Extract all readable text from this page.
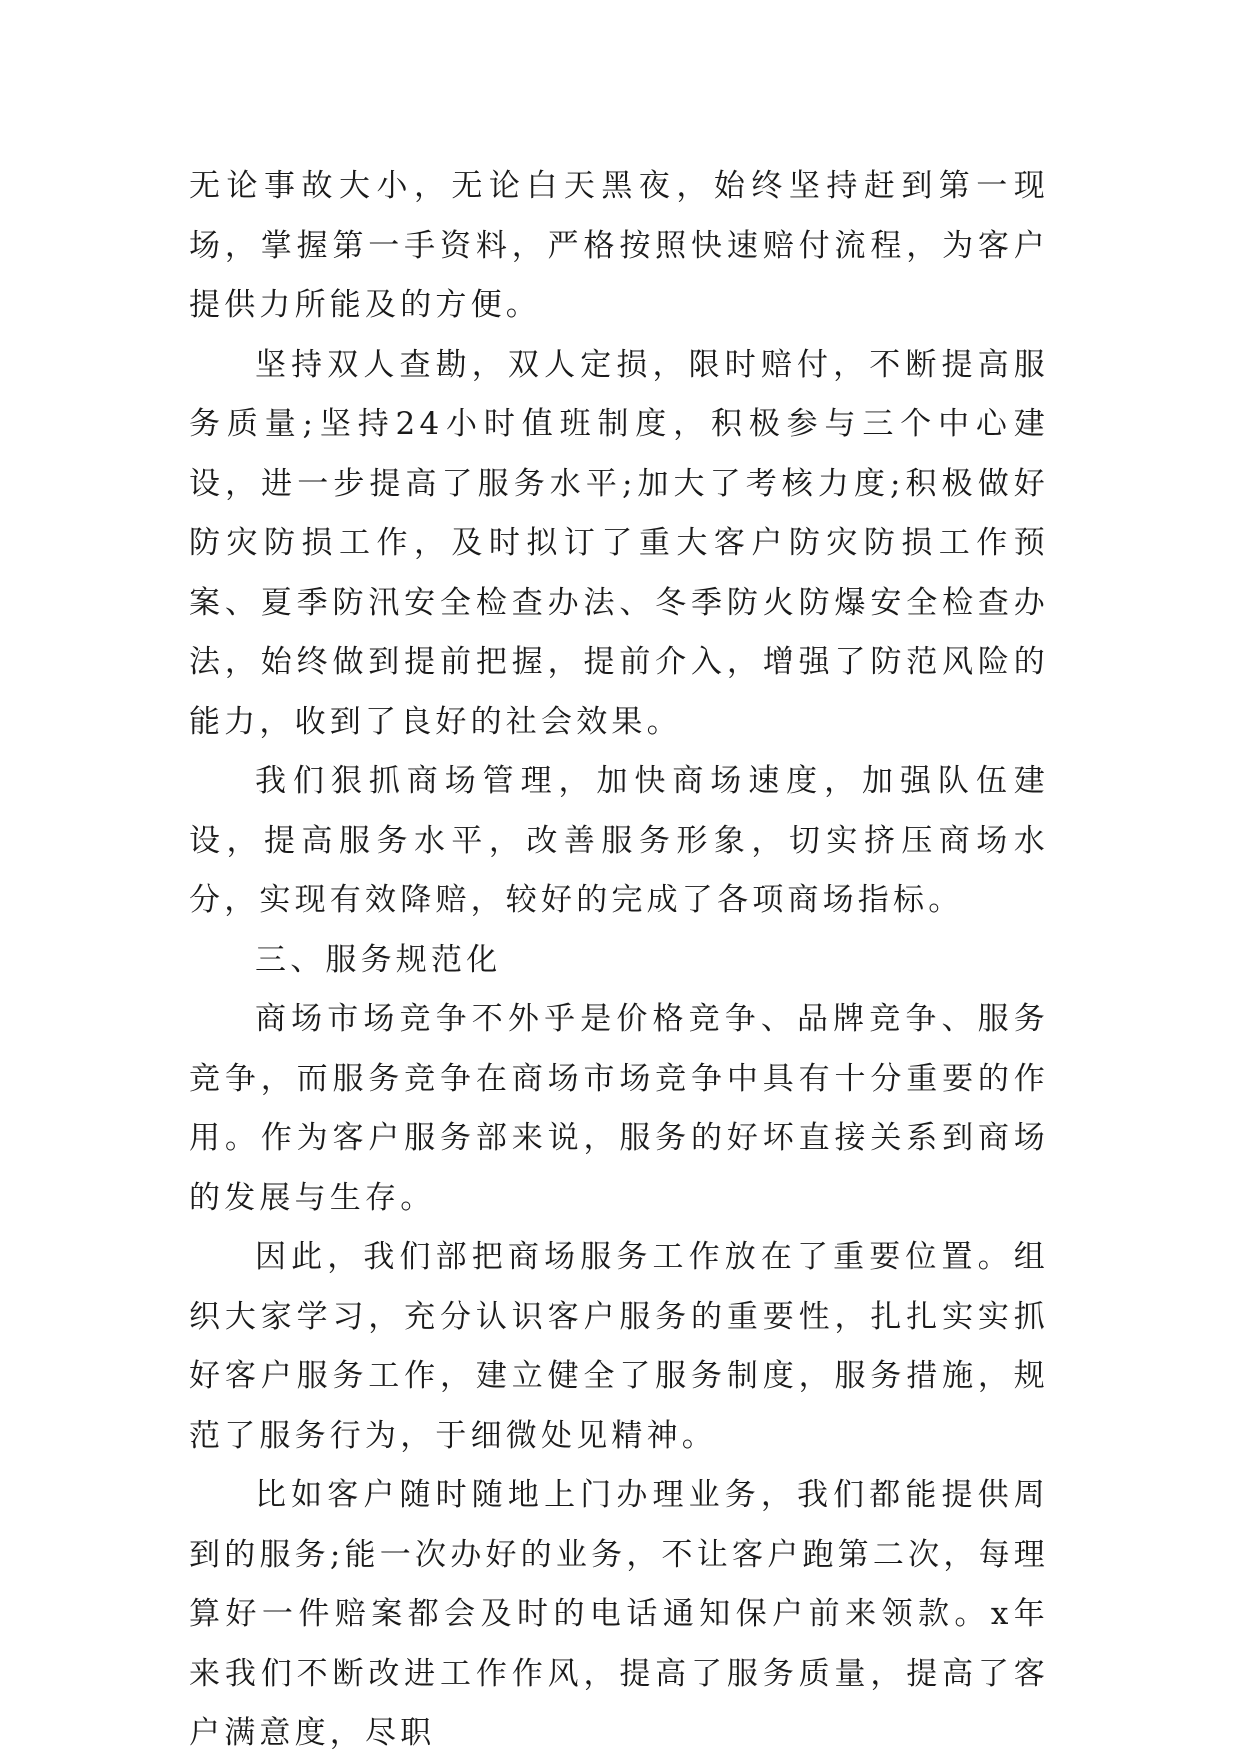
无论事故大小，无论白天黑夜，始终坚持赶到第一现场，掌握第一手资料，严格按照快速赔付流程，为客户提供力所能及的方便。

坚持双人查勘，双人定损，限时赔付，不断提高服务质量;坚持24小时值班制度，积极参与三个中心建设，进一步提高了服务水平;加大了考核力度;积极做好防灾防损工作，及时拟订了重大客户防灾防损工作预案、夏季防汛安全检查办法、冬季防火防爆安全检查办法，始终做到提前把握，提前介入，增强了防范风险的能力，收到了良好的社会效果。

我们狠抓商场管理，加快商场速度，加强队伍建设，提高服务水平，改善服务形象，切实挤压商场水分，实现有效降赔，较好的完成了各项商场指标。

三、服务规范化

商场市场竞争不外乎是价格竞争、品牌竞争、服务竞争，而服务竞争在商场市场竞争中具有十分重要的作用。作为客户服务部来说，服务的好坏直接关系到商场的发展与生存。

因此，我们部把商场服务工作放在了重要位置。组织大家学习，充分认识客户服务的重要性，扎扎实实抓好客户服务工作，建立健全了服务制度，服务措施，规范了服务行为，于细微处见精神。

比如客户随时随地上门办理业务，我们都能提供周到的服务;能一次办好的业务，不让客户跑第二次，每理算好一件赔案都会及时的电话通知保户前来领款。x年来我们不断改进工作作风，提高了服务质量，提高了客户满意度，尽职
